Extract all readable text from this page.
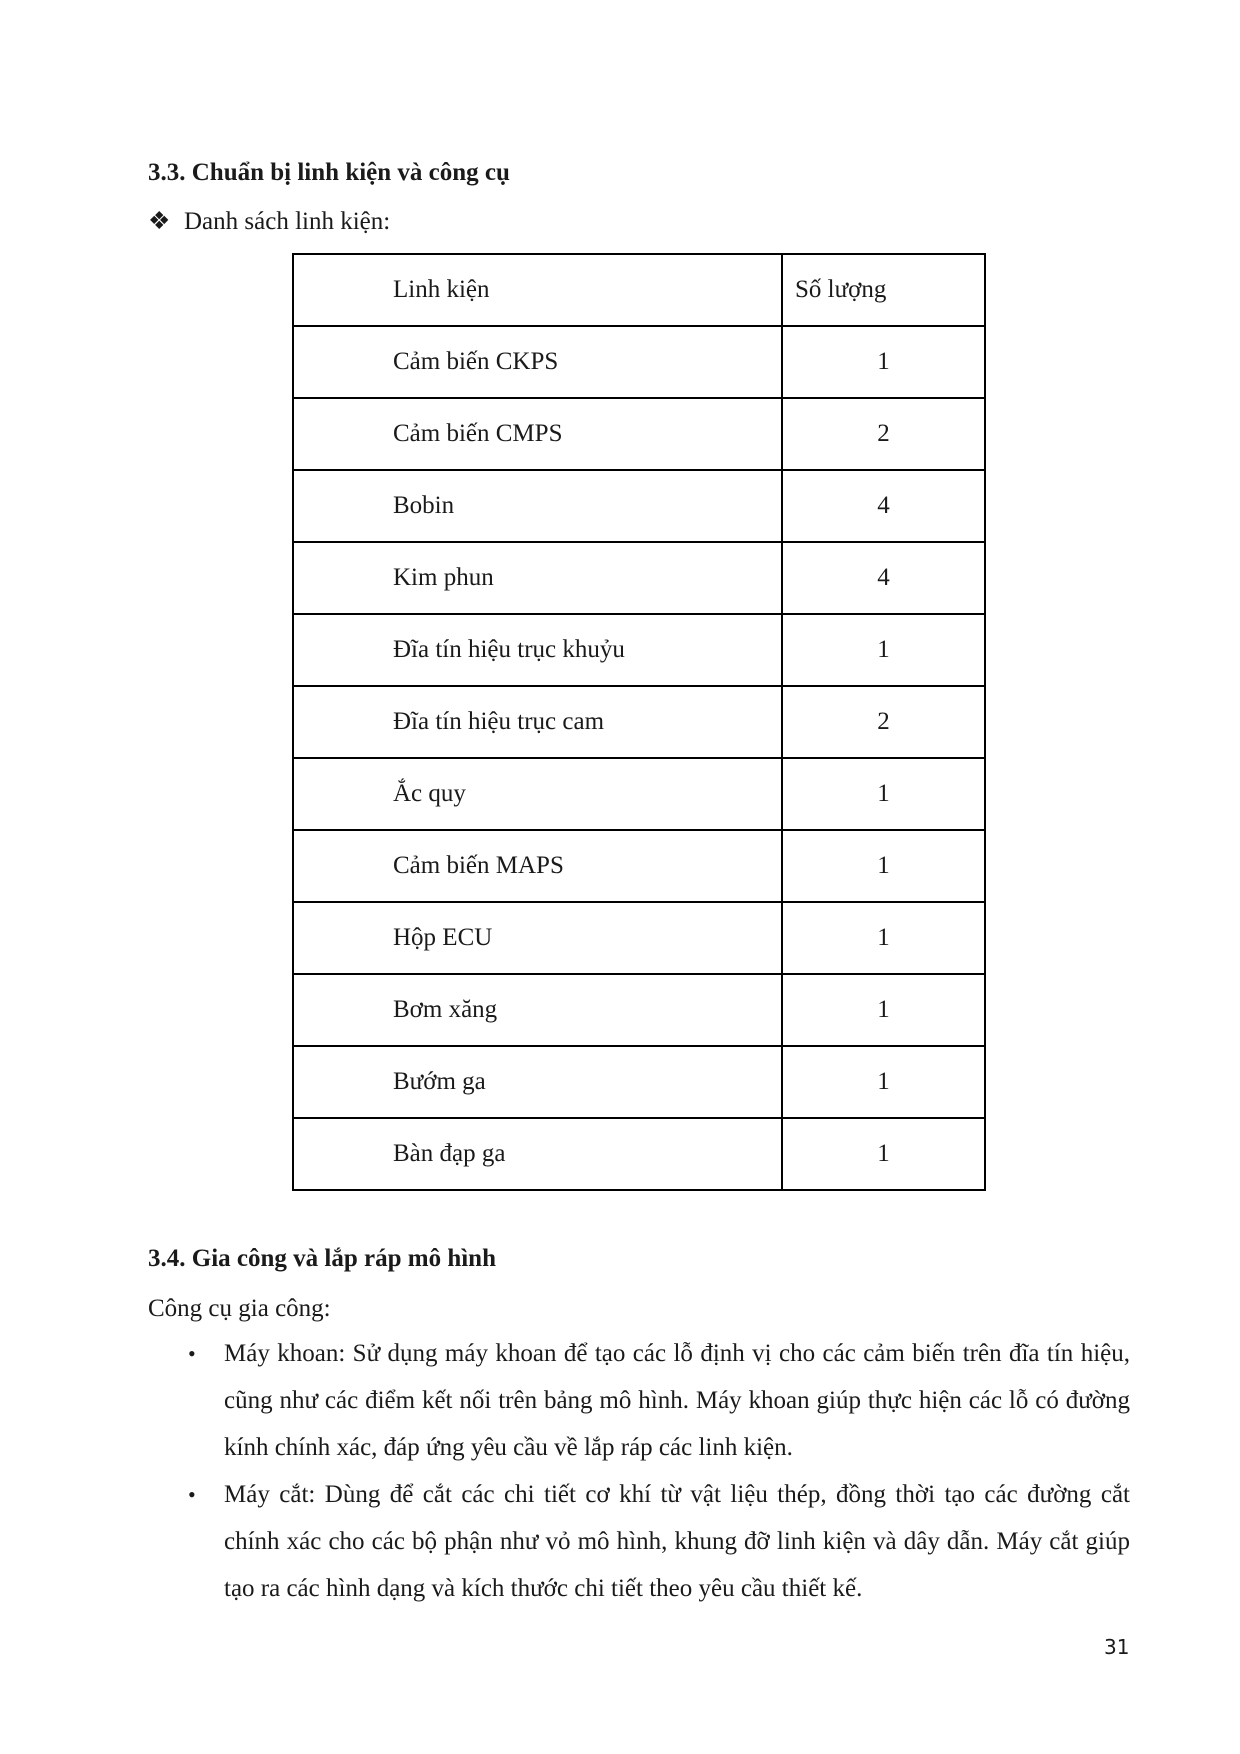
3.3. Chuẩn bị linh kiện và công cụ
❖ Danh sách linh kiện:
Linh kiện	Số lượng
Cảm biến CKPS	1
Cảm biến CMPS	2
Bobin	4
Kim phun	4
Đĩa tín hiệu trục khuỷu	1
Đĩa tín hiệu trục cam	2
Ắc quy	1
Cảm biến MAPS	1
Hộp ECU	1
Bơm xăng	1
Bướm ga	1
Bàn đạp ga	1
3.4. Gia công và lắp ráp mô hình
Công cụ gia công:
• Máy khoan: Sử dụng máy khoan để tạo các lỗ định vị cho các cảm biến trên đĩa tín hiệu, cũng như các điểm kết nối trên bảng mô hình. Máy khoan giúp thực hiện các lỗ có đường kính chính xác, đáp ứng yêu cầu về lắp ráp các linh kiện.
• Máy cắt: Dùng để cắt các chi tiết cơ khí từ vật liệu thép, đồng thời tạo các đường cắt chính xác cho các bộ phận như vỏ mô hình, khung đỡ linh kiện và dây dẫn. Máy cắt giúp tạo ra các hình dạng và kích thước chi tiết theo yêu cầu thiết kế.
31
